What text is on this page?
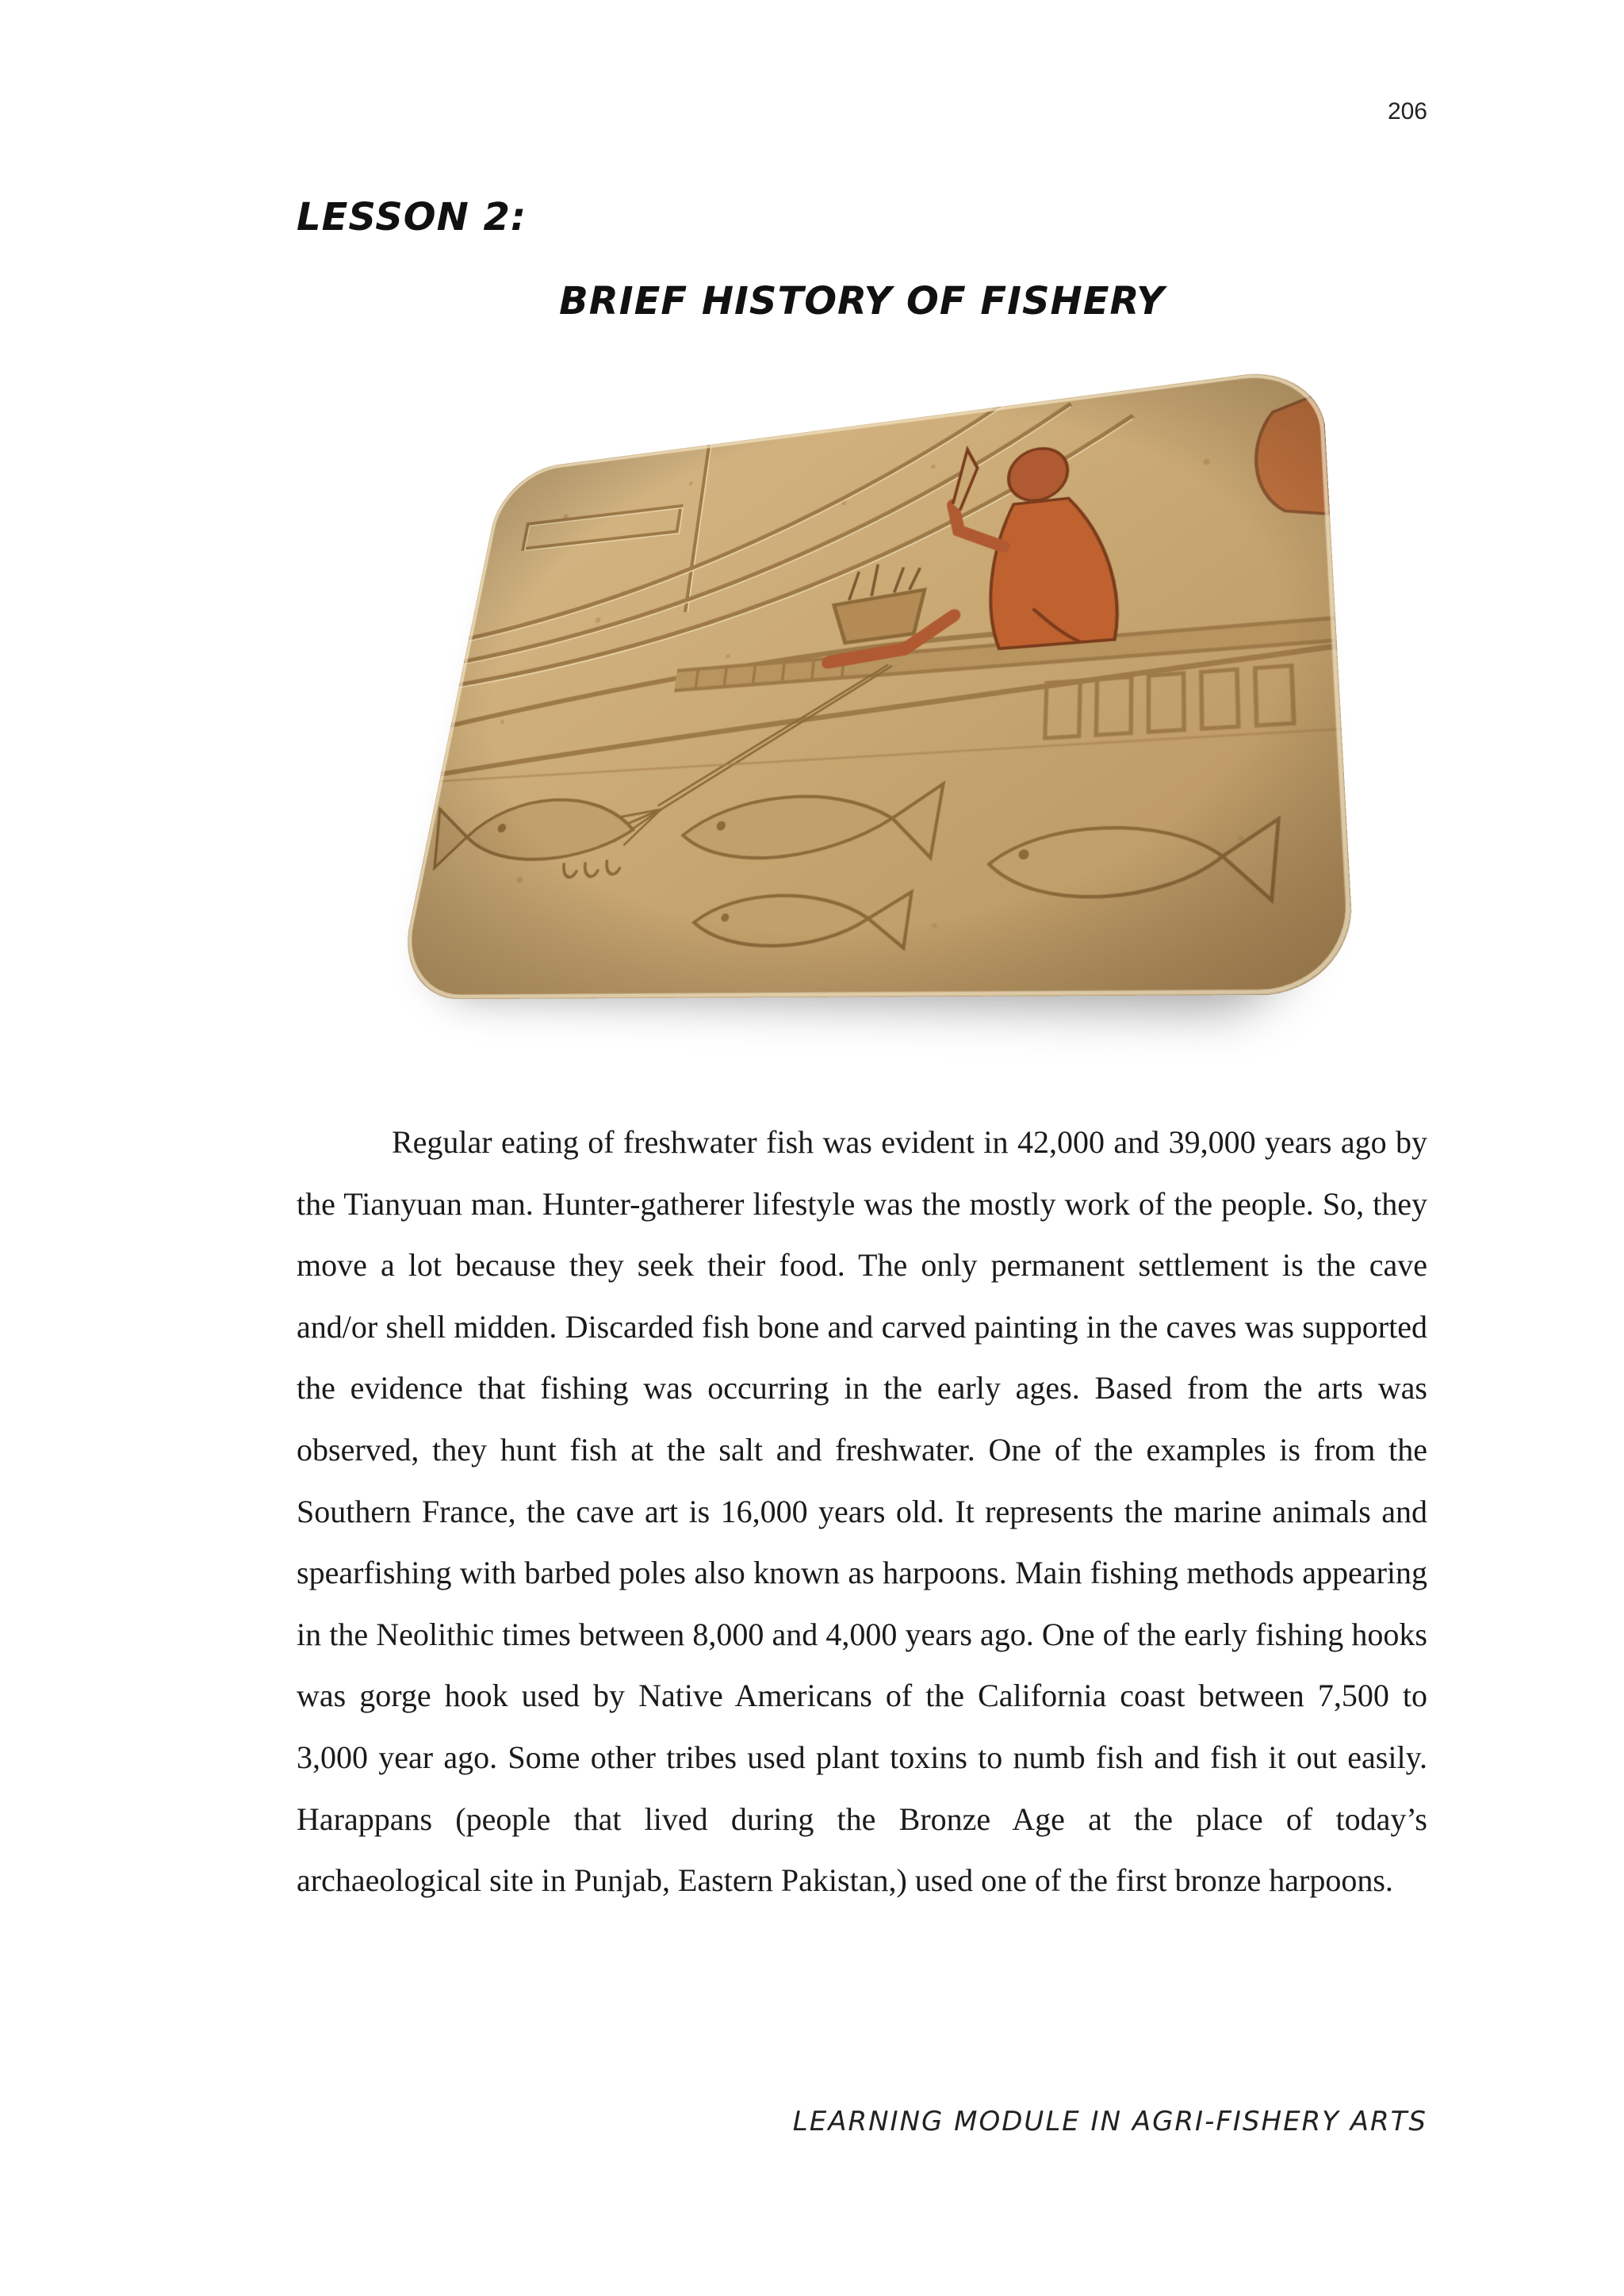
206
LESSON 2:
BRIEF HISTORY OF FISHERY

Regular eating of freshwater fish was evident in 42,000 and 39,000 years ago by the Tianyuan man. Hunter-gatherer lifestyle was the mostly work of the people. So, they move a lot because they seek their food. The only permanent settlement is the cave and/or shell midden. Discarded fish bone and carved painting in the caves was supported the evidence that fishing was occurring in the early ages. Based from the arts was observed, they hunt fish at the salt and freshwater. One of the examples is from the Southern France, the cave art is 16,000 years old. It represents the marine animals and spearfishing with barbed poles also known as harpoons. Main fishing methods appearing in the Neolithic times between 8,000 and 4,000 years ago. One of the early fishing hooks was gorge hook used by Native Americans of the California coast between 7,500 to 3,000 year ago. Some other tribes used plant toxins to numb fish and fish it out easily. Harappans (people that lived during the Bronze Age at the place of today’s archaeological site in Punjab, Eastern Pakistan,) used one of the first bronze harpoons.

LEARNING MODULE IN AGRI-FISHERY ARTS
